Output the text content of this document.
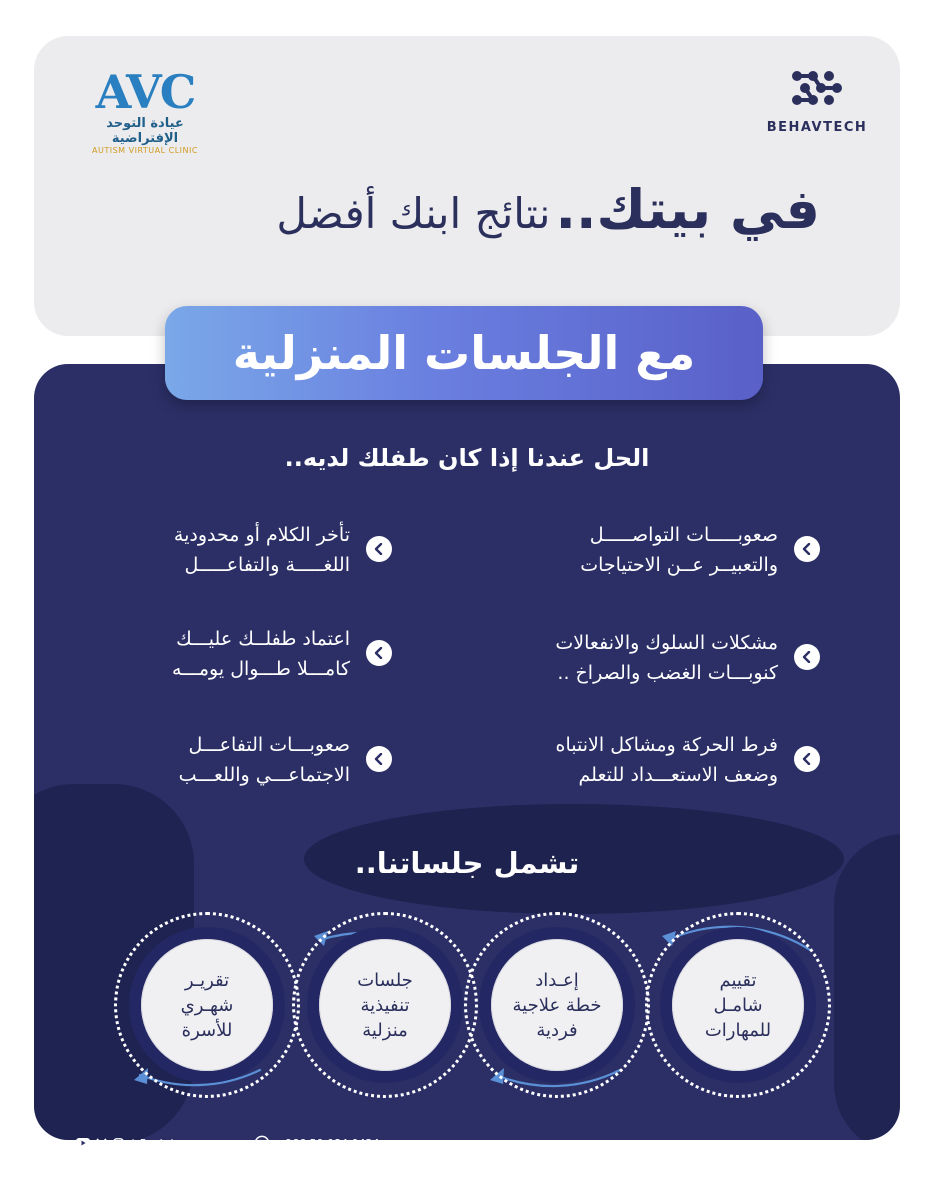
AVC
عيادة التوحد الإفتراضية
AUTISM VIRTUAL CLINIC
BEHAVTECH
في بيتك.. نتائج ابنك أفضل
مع الجلسات المنزلية
الحل عندنا إذا كان طفلك لديه..
صعوبـــــات التواصـــــل
والتعبيــر عــن الاحتياجات
مشكلات السلوك والانفعالات
كنوبـــات الغضب والصراخ ..
فرط الحركة ومشاكل الانتباه
وضعف الاستعـــداد للتعلم
تأخر الكلام أو محدودية
اللغـــــة والتفاعـــــل
اعتماد طفلــك عليـــك
كامـــلا طـــوال يومـــه
صعوبـــات التفاعـــل
الاجتماعـــي واللعـــب
تشمل جلساتنا..
تقييم
شامـل
للمهارات
إعـداد
خطة علاجية
فردية
جلسات
تنفيذية
منزلية
تقريـر
شهـري
للأسرة
/ Rushd_co	+966 50 084 0424
